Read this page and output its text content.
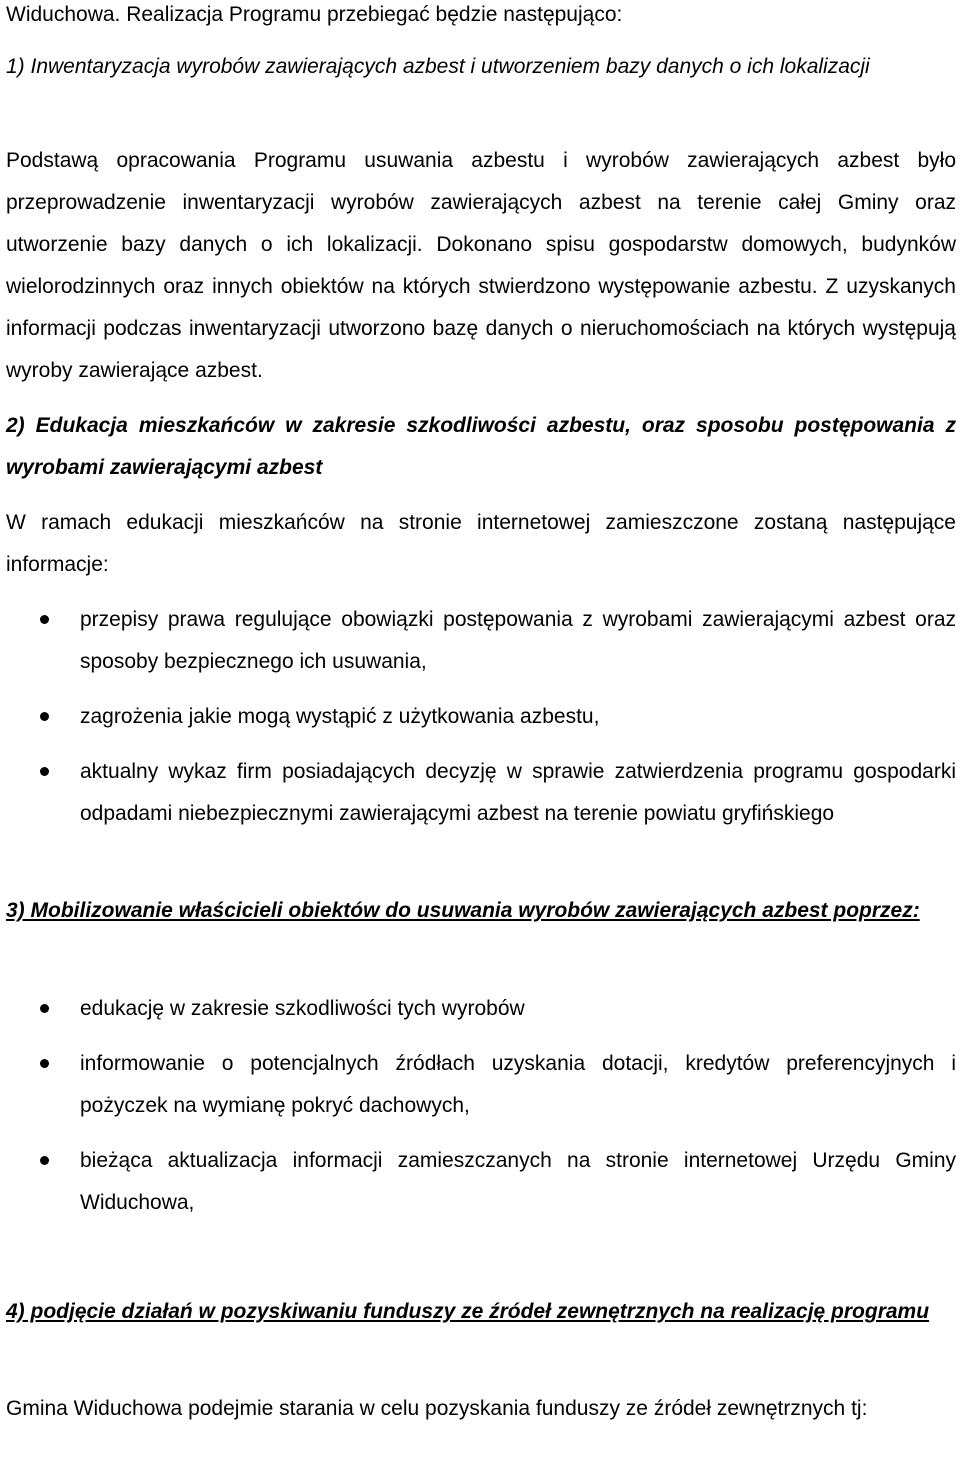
Widuchowa. Realizacja Programu przebiegać będzie następująco:

1) Inwentaryzacja wyrobów zawierających azbest i utworzeniem bazy danych o ich lokalizacji

Podstawą opracowania Programu usuwania azbestu i wyrobów zawierających azbest było przeprowadzenie inwentaryzacji wyrobów zawierających azbest na terenie całej Gminy oraz utworzenie bazy danych o ich lokalizacji. Dokonano spisu gospodarstw domowych, budynków wielorodzinnych oraz innych obiektów na których stwierdzono występowanie azbestu. Z uzyskanych informacji podczas inwentaryzacji utworzono bazę danych o nieruchomościach na których występują wyroby zawierające azbest.

2) Edukacja mieszkańców w zakresie szkodliwości azbestu, oraz sposobu postępowania z wyrobami zawierającymi azbest

W ramach edukacji mieszkańców na stronie internetowej zamieszczone zostaną następujące informacje:

przepisy prawa regulujące obowiązki postępowania z wyrobami zawierającymi azbest oraz sposoby bezpiecznego ich usuwania,
zagrożenia jakie mogą wystąpić z użytkowania azbestu,
aktualny wykaz firm posiadających decyzję w sprawie zatwierdzenia programu gospodarki odpadami niebezpiecznymi zawierającymi azbest na terenie powiatu gryfińskiego

3) Mobilizowanie właścicieli obiektów do usuwania wyrobów zawierających azbest poprzez:

edukację w zakresie szkodliwości tych wyrobów
informowanie o potencjalnych źródłach uzyskania dotacji, kredytów preferencyjnych i pożyczek na wymianę pokryć dachowych,
bieżąca aktualizacja informacji zamieszczanych na stronie internetowej Urzędu Gminy Widuchowa,

4) podjęcie działań w pozyskiwaniu funduszy ze źródeł zewnętrznych na realizację programu

Gmina Widuchowa podejmie starania w celu pozyskania funduszy ze źródeł zewnętrznych tj:
